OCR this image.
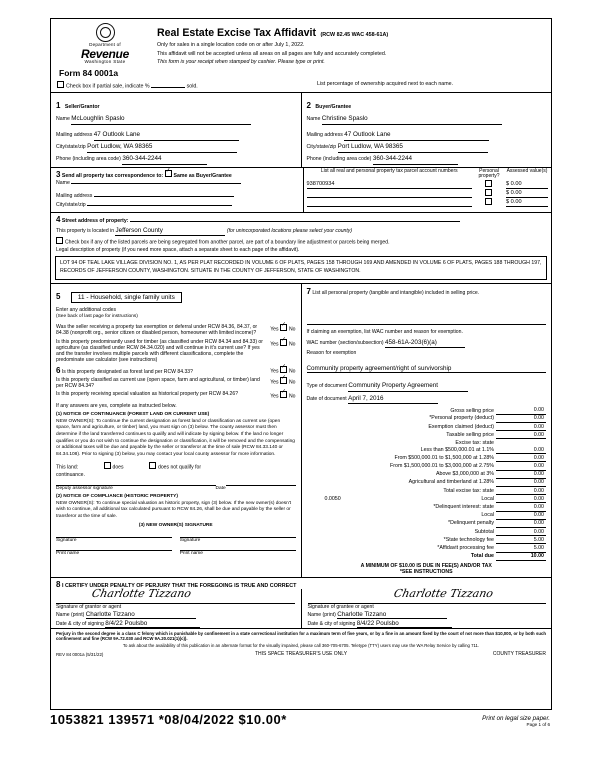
Department of
Revenue
Washington State
Form 84 0001a
Real Estate Excise Tax Affidavit (RCW 82.45 WAC 458-61A)
Only for sales in a single location code on or after July 1, 2022.
This affidavit will not be accepted unless all areas on all pages are fully and accurately completed.
This form is your receipt when stamped by cashier. Please type or print.
Check box if partial sale, indicate %	sold.	List percentage of ownership acquired next to each name.
1 Seller/Grantor
Name McLoughlin Spaslo
Mailing address 47 Outlook Lane
City/state/zip Port Ludlow, WA 98365
Phone (including area code) 360-344-2244
2 Buyer/Grantee
Name Christine Spaslo
Mailing address 47 Outlook Lane
City/state/zip Port Ludlow, WA 98365
Phone (including area code) 360-344-2244
3 Send all property tax correspondence to: ✓ Same as Buyer/Grantee
Name
Mailing address
City/state/zip
List all real and personal property tax parcel account numbers	Personal property?
Assessed value(s)
938700934		$ 0.00
		$ 0.00
		$ 0.00
4 Street address of property:
This property is located in Jefferson County	(for unincorporated locations please select your county)
Check box if any of the listed parcels are being segregated from another parcel, are part of a boundary line adjustment or parcels being merged.
Legal description of property (if you need more space, attach a separate sheet to each page of the affidavit).
LOT 94 OF TEAL LAKE VILLAGE DIVISION NO. 1, AS PER PLAT RECORDED IN VOLUME 6 OF PLATS, PAGES 158 THROUGH 169 AND AMENDED IN VOLUME 6 OF PLATS, PAGES 188 THROUGH 197, RECORDS OF JEFFERSON COUNTY, WASHINGTON. SITUATE IN THE COUNTY OF JEFFERSON, STATE OF WASHINGTON.
5	11 - Household, single family units
Enter any additional codes
(See back of last page for instructions)
Was the seller receiving a property tax exemption or deferral under RCW 84.36, 84.37, or 84.38 (nonprofit org., senior citizen or disabled person, homeowner with limited income)?
Yes ✓No
Is this property predominantly used for timber (as classified under RCW 84.34 and 84.33) or agriculture (as classified under RCW 84.34.020) and will continue in it's current use? If yes and the transfer involves multiple parcels with different classifications, complete the predominate use calculator (see instructions)
Yes ✓No
6 Is this property designated as forest land per RCW 84.33?	Yes ✓No
Is this property classified as current use (open space, farm and agricultural, or timber) land per RCW 84.34?
Yes ✓No
Is this property receiving special valuation as historical property per RCW 84.26?	Yes ✓No
If any answers are yes, complete as instructed below.
(1) NOTICE OF CONTINUANCE (FOREST LAND OR CURRENT USE)
NEW OWNER(S): To continue the current designation as forest land or classification as current use (open space, farm and agriculture, or timber) land, you must sign on (3) below. The county assessor must then determine if the land transferred continues to qualify and will indicate by signing below. If the land no longer qualifies or you do not wish to continue the designation or classification, it will be removed and the compensating or additional taxes will be due and payable by the seller or transferor at the time of sale (RCW 84.33.140 or 84.34.108). Prior to signing (3) below, you may contact your local county assessor for more information.
This land:	does	does not qualify for
continuance.
Deputy assessor signature	Date
(2) NOTICE OF COMPLIANCE (HISTORIC PROPERTY)
NEW OWNER(S): To continue special valuation as historic property, sign (3) below. If the new owner(s) doesn't wish to continue, all additional tax calculated pursuant to RCW 84.26, shall be due and payable by the seller or transferor at the time of sale.
(3) NEW OWNER(S) SIGNATURE
Signature	Signature
Print name	Print name
7 List all personal property (tangible and intangible) included in selling price.
If claiming an exemption, list WAC number and reason for exemption.
WAC number (section/subsection) 458-61A-203(6)(a)
Reason for exemption
Community property agreement/right of survivorship
Type of document Community Property Agreement
Date of document April 7, 2016
Gross selling price	0.00
*Personal property (deduct)	0.00
Exemption claimed (deduct)	0.00
Taxable selling price	0.00
Excise tax: state	
Less than $500,000.01 at 1.1%	0.00
From $500,000.01 to $1,500,000 at 1.28%	0.00
From $1,500,000.01 to $3,000,000 at 2.75%	0.00
Above $3,000,000 at 3%	0.00
Agricultural and timberland at 1.28%	0.00
Total excise tax: state	0.00

0.0050 Local	0.00
*Delinquent interest: state	0.00
Local	0.00
*Delinquent penalty	0.00
Subtotal	0.00
*State technology fee	5.00
*Affidavit processing fee	5.00
Total due	10.00
A MINIMUM OF $10.00 IS DUE IN FEE(S) AND/OR TAX
*SEE INSTRUCTIONS
8 I CERTIFY UNDER PENALTY OF PERJURY THAT THE FOREGOING IS TRUE AND CORRECT
Charlotte Tizzano
Signature of grantor or agent
Name (print) Charlotte Tizzano
Date & city of signing 8/4/22 Poulsbo
Charlotte Tizzano
Signature of grantee or agent
Name (print) Charlotte Tizzano
Date & city of signing 8/4/22 Poulsbo
Perjury in the second degree is a class C felony which is punishable by confinement in a state correctional institution for a maximum term of five years, or by a fine in an amount fixed by the court of not more than $10,000, or by both such confinement and fine (RCW 9A.72.030 and RCW 9A.20.021(1)(c)).
To ask about the availability of this publication in an alternate format for the visually impaired, please call 360-705-6705. Teletype (TTY) users may use the WA Relay Service by calling 711.
REV 84 0001a (5/31/22)	THIS SPACE TREASURER'S USE ONLY	COUNTY TREASURER
1053821 139571 *08/04/2022 $10.00*	Print on legal size paper.
Page 1 of 6
